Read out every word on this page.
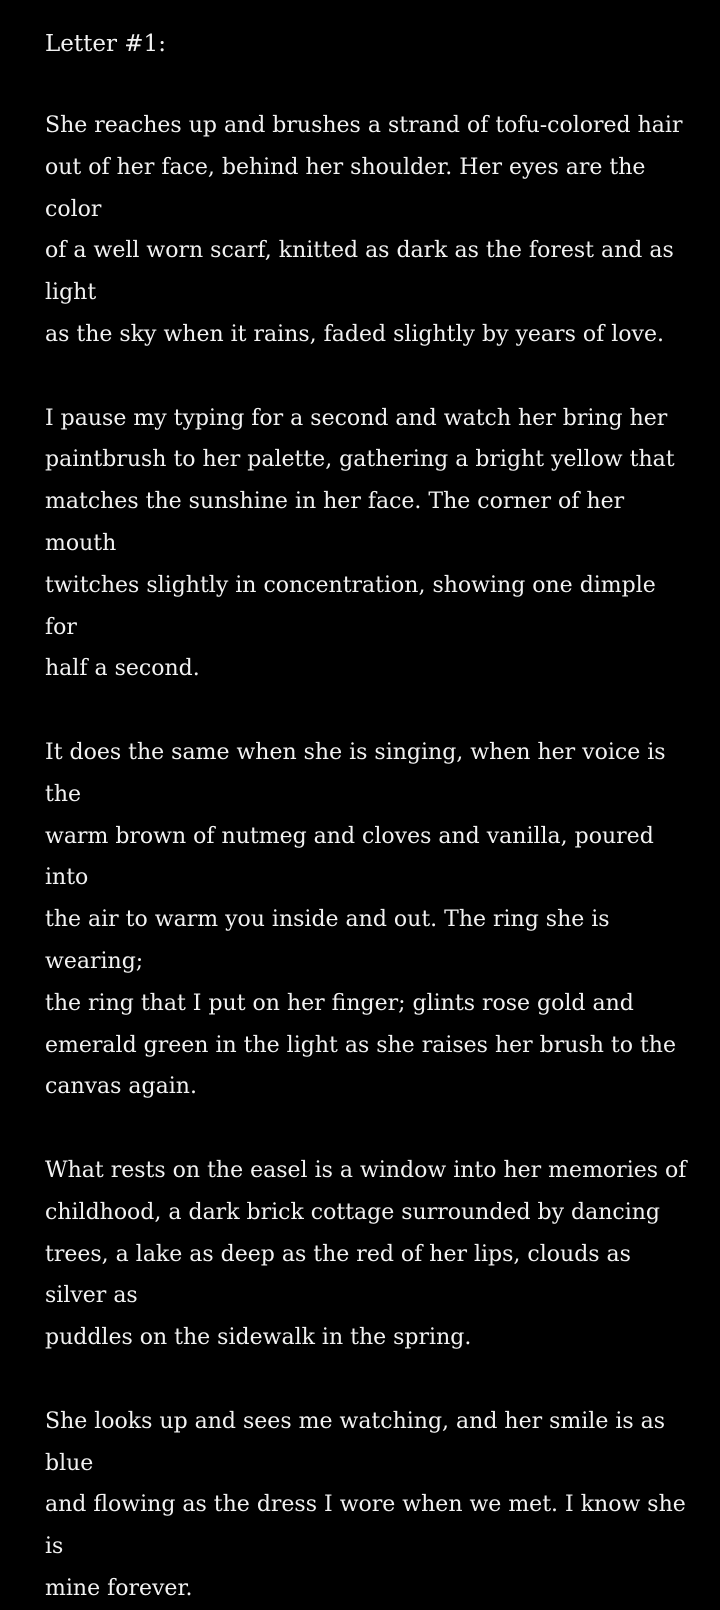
Letter #1:

She reaches up and brushes a strand of tofu-colored hair
out of her face, behind her shoulder. Her eyes are the color
of a well worn scarf, knitted as dark as the forest and as light
as the sky when it rains, faded slightly by years of love.

I pause my typing for a second and watch her bring her
paintbrush to her palette, gathering a bright yellow that
matches the sunshine in her face. The corner of her mouth
twitches slightly in concentration, showing one dimple for
half a second.

It does the same when she is singing, when her voice is the
warm brown of nutmeg and cloves and vanilla, poured into
the air to warm you inside and out. The ring she is wearing;
the ring that I put on her finger; glints rose gold and
emerald green in the light as she raises her brush to the
canvas again.

What rests on the easel is a window into her memories of
childhood, a dark brick cottage surrounded by dancing
trees, a lake as deep as the red of her lips, clouds as silver as
puddles on the sidewalk in the spring.

She looks up and sees me watching, and her smile is as blue
and flowing as the dress I wore when we met. I know she is
mine forever.
